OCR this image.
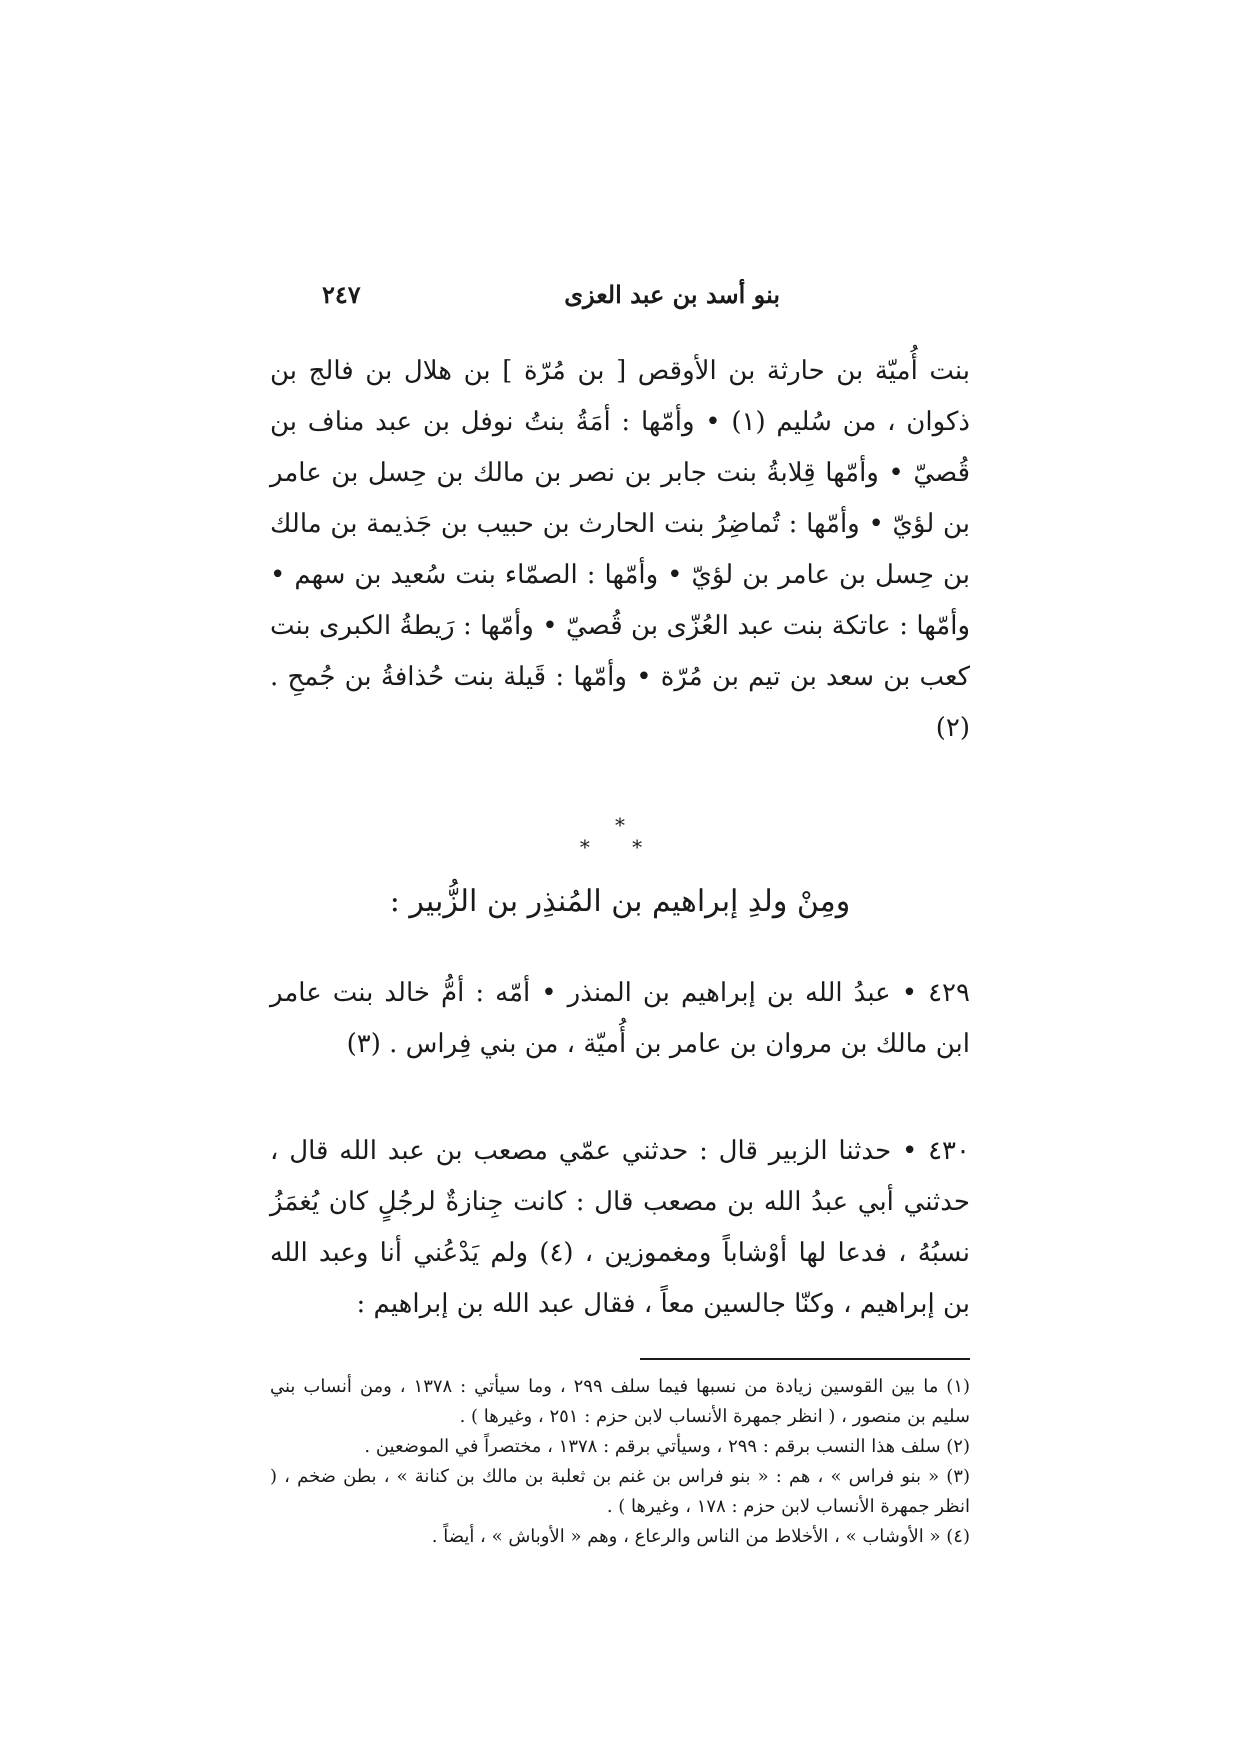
بنو أسد بن عبد العزى
٢٤٧

بنت أُميّة بن حارثة بن الأوقص [ بن مُرّة ] بن هلال بن فالج بن ذكوان ، من سُليم (١) • وأمّها : أمَةُ بنتُ نوفل بن عبد مناف بن قُصيّ • وأمّها قِلابةُ بنت جابر بن نصر بن مالك بن حِسل بن عامر بن لؤيّ • وأمّها : تُماضِرُ بنت الحارث بن حبيب بن جَذيمة بن مالك بن حِسل بن عامر بن لؤيّ • وأمّها : الصمّاء بنت سُعيد بن سهم • وأمّها : عاتكة بنت عبد العُزّى بن قُصيّ • وأمّها : رَيطةُ الكبرى بنت كعب بن سعد بن تيم بن مُرّة • وأمّها : قَيلة بنت حُذافةُ بن جُمحِ . (٢)

*
* *
ومِنْ ولدِ إبراهيم بن المُنذِر بن الزُّبير :

٤٢٩ • عبدُ الله بن إبراهيم بن المنذر • أمّه : أمُّ خالد بنت عامر ابن مالك بن مروان بن عامر بن أُميّة ، من بني فِراس . (٣)

٤٣٠ • حدثنا الزبير قال : حدثني عمّي مصعب بن عبد الله قال ، حدثني أبي عبدُ الله بن مصعب قال : كانت جِنازةٌ لرجُلٍ كان يُغمَزُ نسبُهُ ، فدعا لها أوْشاباً ومغموزين ، (٤) ولم يَدْعُني أنا وعبد الله بن إبراهيم ، وكنّا جالسين معاً ، فقال عبد الله بن إبراهيم :

(١) ما بين القوسين زيادة من نسبها فيما سلف ٢٩٩ ، وما سيأتي : ١٣٧٨ ، ومن أنساب بني سليم بن منصور ، ( انظر جمهرة الأنساب لابن حزم : ٢٥١ ، وغيرها ) .

(٢) سلف هذا النسب برقم : ٢٩٩ ، وسيأتي برقم : ١٣٧٨ ، مختصراً في الموضعين .

(٣) « بنو فراس » ، هم : « بنو فراس بن غنم بن ثعلبة بن مالك بن كنانة » ، بطن ضخم ، ( انظر جمهرة الأنساب لابن حزم : ١٧٨ ، وغيرها ) .

(٤) « الأوشاب » ، الأخلاط من الناس والرعاع ، وهم « الأوباش » ، أيضاً .
